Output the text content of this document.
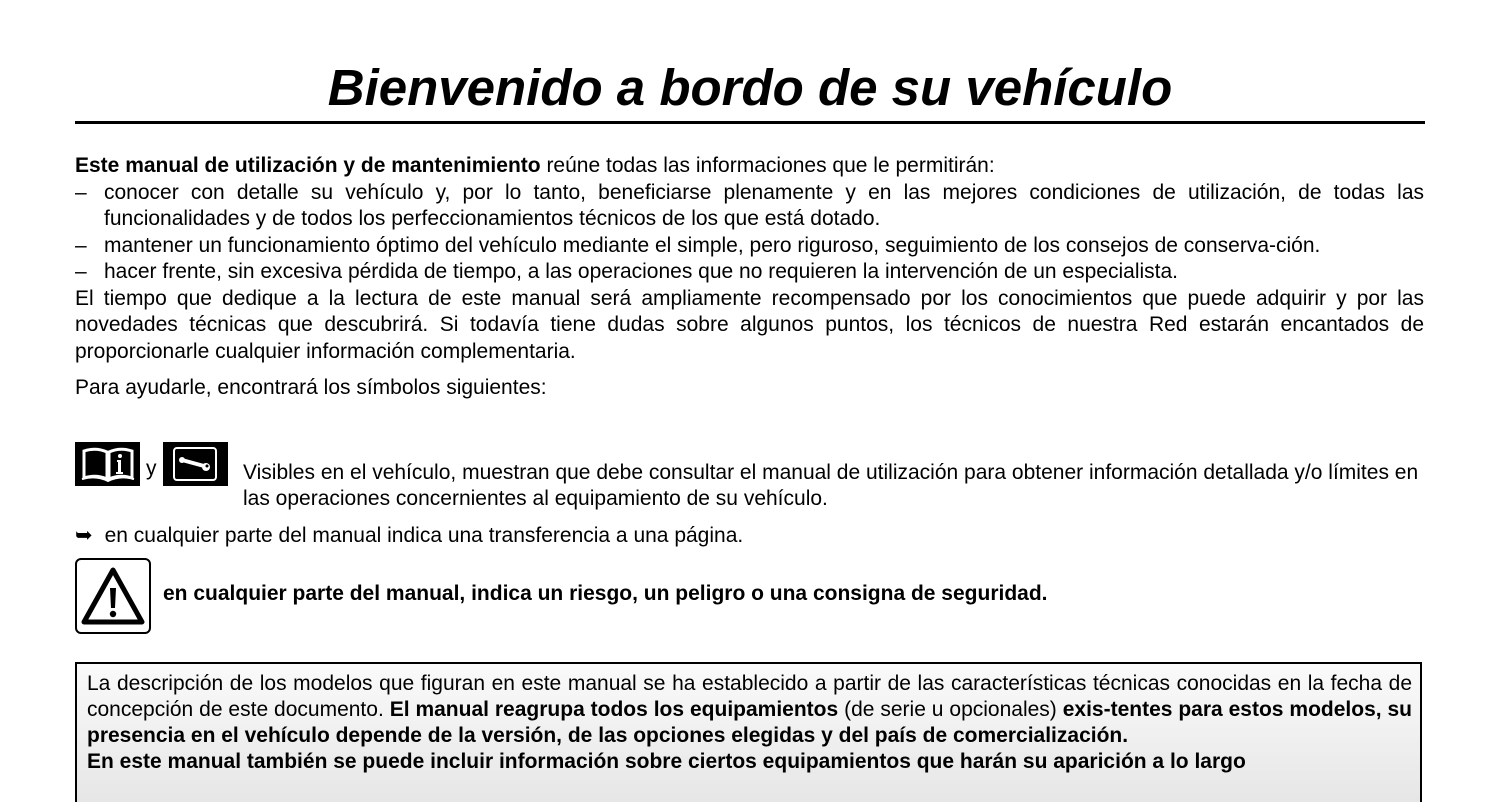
Bienvenido a bordo de su vehículo

Este manual de utilización y de mantenimiento reúne todas las informaciones que le permitirán:

– conocer con detalle su vehículo y, por lo tanto, beneficiarse plenamente y en las mejores condiciones de utilización, de todas las funcionalidades y de todos los perfeccionamientos técnicos de los que está dotado.
– mantener un funcionamiento óptimo del vehículo mediante el simple, pero riguroso, seguimiento de los consejos de conserva-ción.
– hacer frente, sin excesiva pérdida de tiempo, a las operaciones que no requieren la intervención de un especialista.

El tiempo que dedique a la lectura de este manual será ampliamente recompensado por los conocimientos que puede adquirir y por las novedades técnicas que descubrirá. Si todavía tiene dudas sobre algunos puntos, los técnicos de nuestra Red estarán encantados de proporcionarle cualquier información complementaria.

Para ayudarle, encontrará los símbolos siguientes:

y	Visibles en el vehículo, muestran que debe consultar el manual de utilización para obtener información detallada y/o límites en las operaciones concernientes al equipamiento de su vehículo.
➥ en cualquier parte del manual indica una transferencia a una página.
en cualquier parte del manual, indica un riesgo, un peligro o una consigna de seguridad.
La descripción de los modelos que figuran en este manual se ha establecido a partir de las características técnicas conocidas en la fecha de concepción de este documento. El manual reagrupa todos los equipamientos (de serie u opcionales) exis-tentes para estos modelos, su presencia en el vehículo depende de la versión, de las opciones elegidas y del país de comercialización.
En este manual también se puede incluir información sobre ciertos equipamientos que harán su aparición a lo largo
